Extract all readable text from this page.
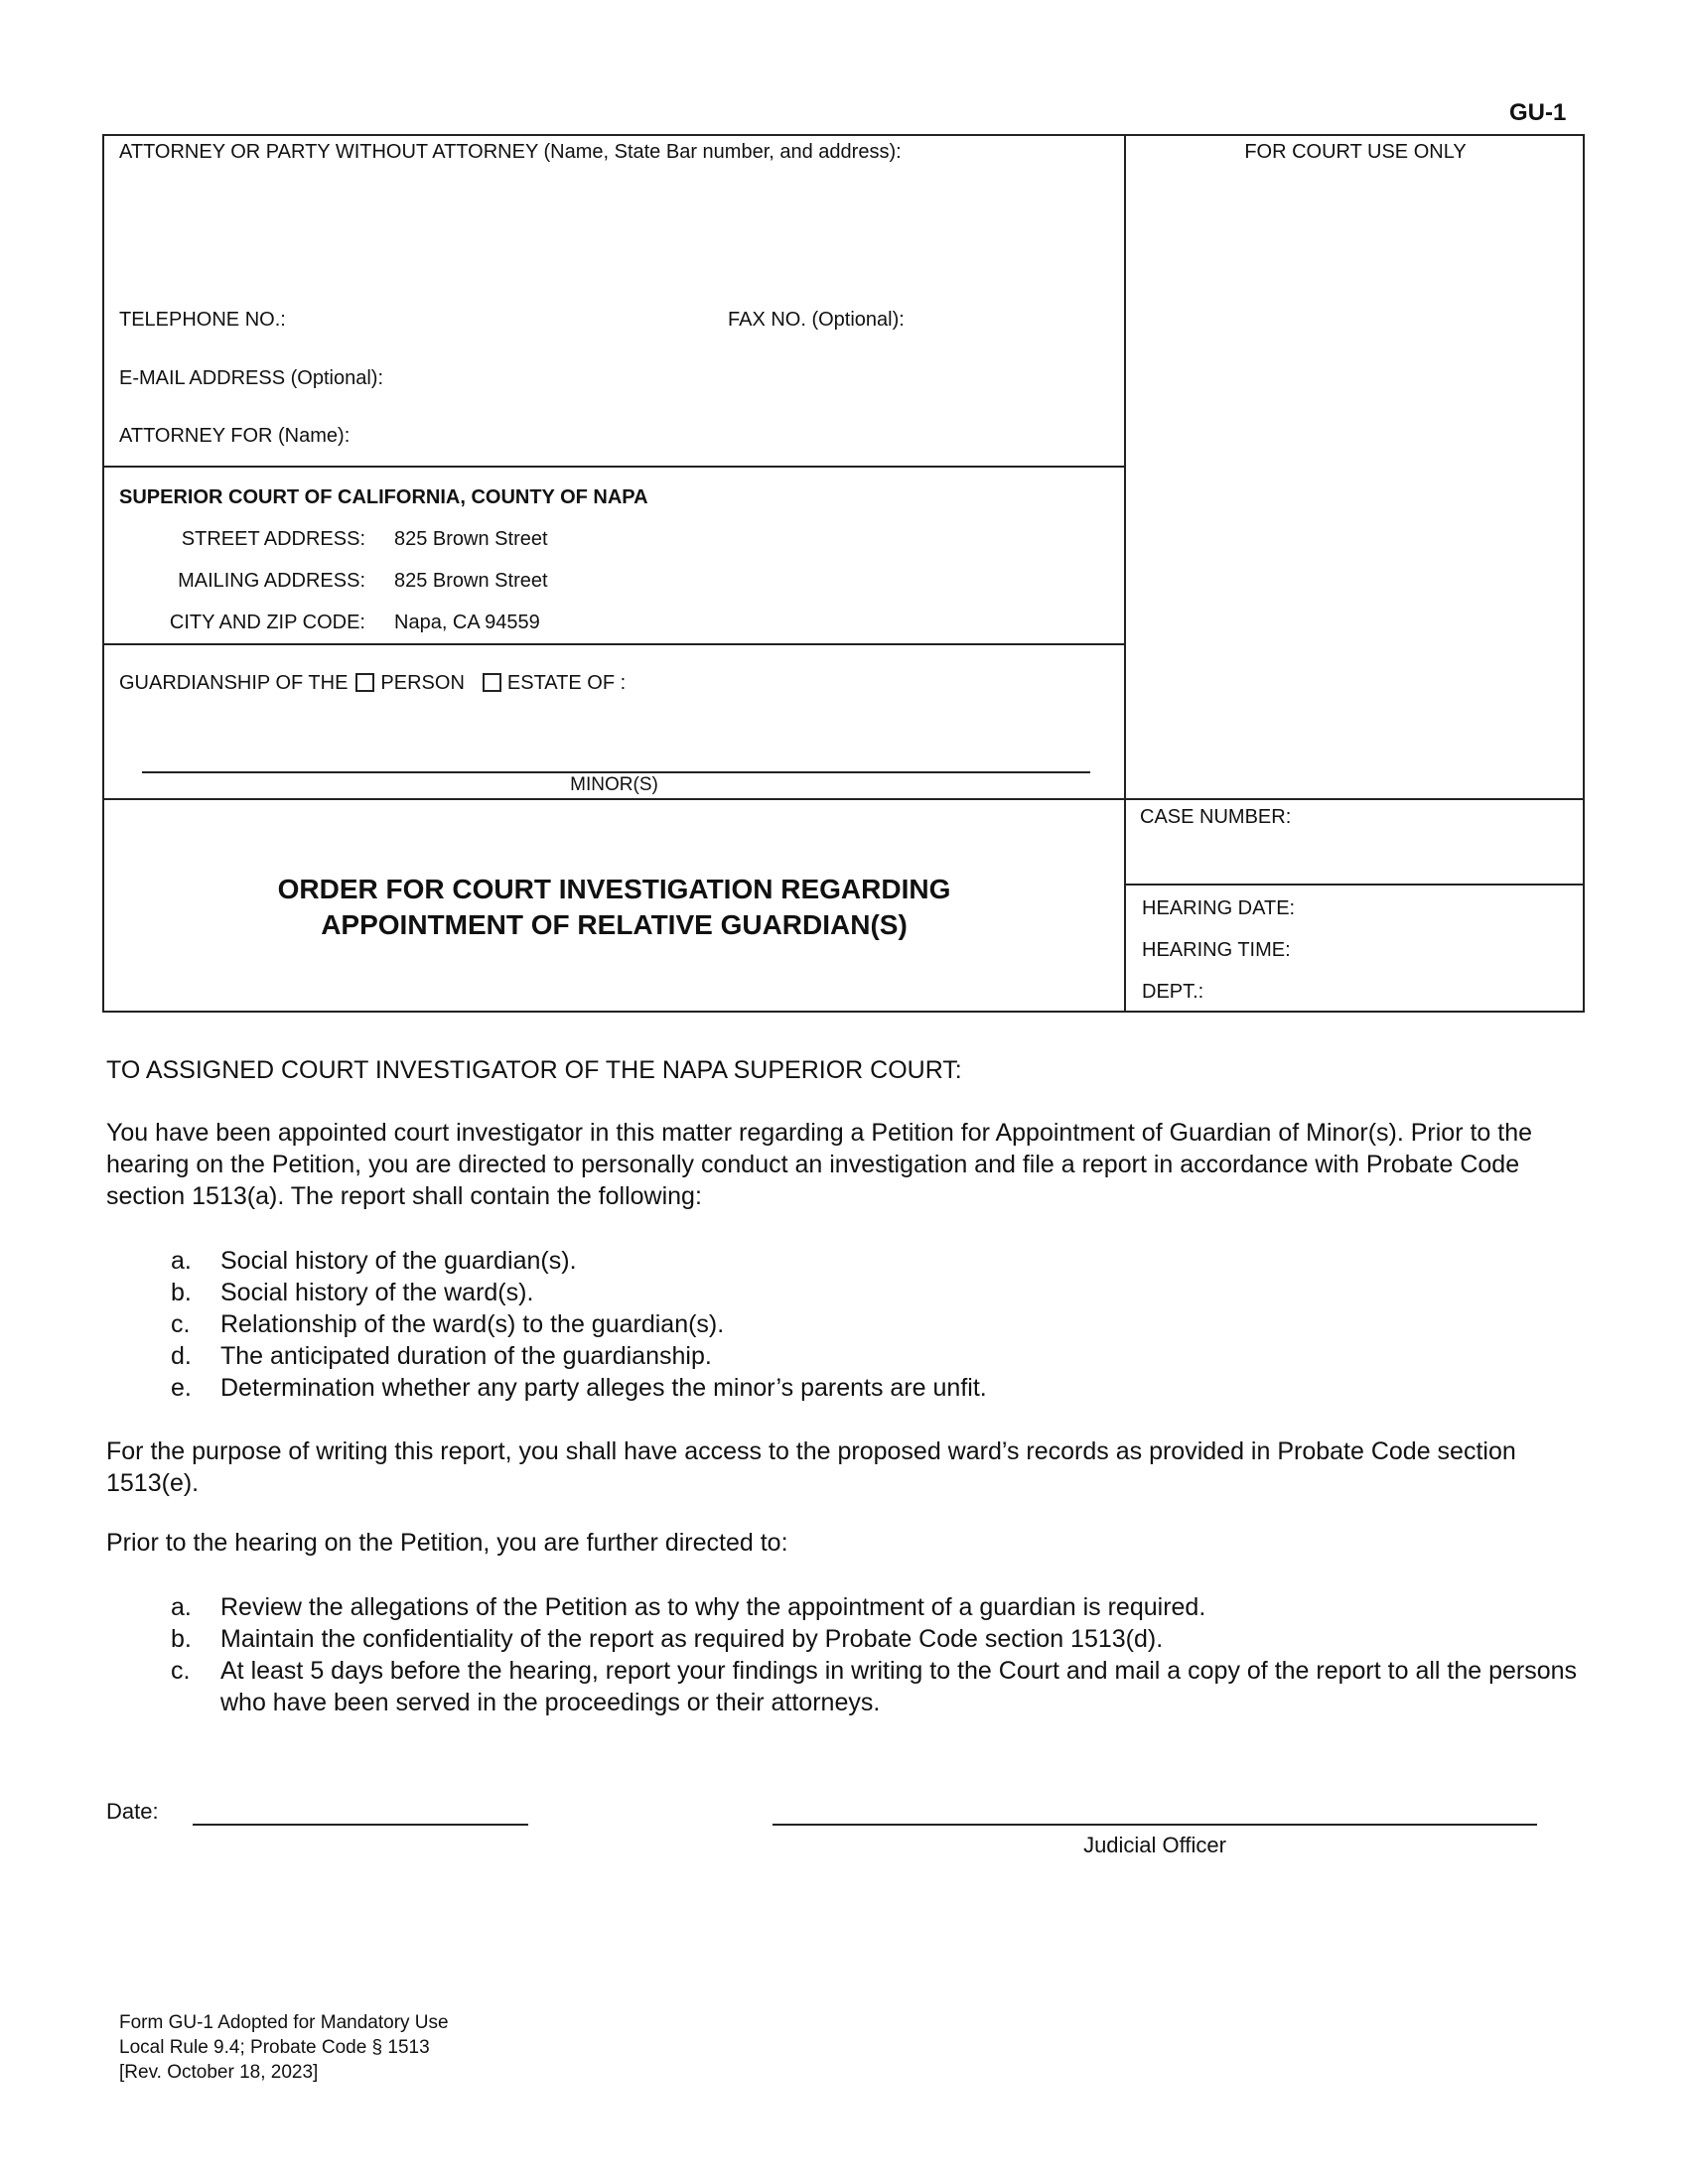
GU-1
ATTORNEY OR PARTY WITHOUT ATTORNEY (Name, State Bar number, and address):	FOR COURT USE ONLY
TELEPHONE NO.:	FAX NO. (Optional):
E-MAIL ADDRESS (Optional):
ATTORNEY FOR (Name):
SUPERIOR COURT OF CALIFORNIA, COUNTY OF NAPA
STREET ADDRESS: 825 Brown Street
MAILING ADDRESS: 825 Brown Street
CITY AND ZIP CODE: Napa, CA 94559
GUARDIANSHIP OF THE PERSON ESTATE OF :
MINOR(S)
CASE NUMBER:
HEARING DATE:
HEARING TIME:
DEPT.:
ORDER FOR COURT INVESTIGATION REGARDING
APPOINTMENT OF RELATIVE GUARDIAN(S)
TO ASSIGNED COURT INVESTIGATOR OF THE NAPA SUPERIOR COURT:
You have been appointed court investigator in this matter regarding a Petition for Appointment of Guardian of Minor(s). Prior to the hearing on the Petition, you are directed to personally conduct an investigation and file a report in accordance with Probate Code section 1513(a). The report shall contain the following:
a. Social history of the guardian(s).
b. Social history of the ward(s).
c. Relationship of the ward(s) to the guardian(s).
d. The anticipated duration of the guardianship.
e. Determination whether any party alleges the minor’s parents are unfit.
For the purpose of writing this report, you shall have access to the proposed ward’s records as provided in Probate Code section 1513(e).
Prior to the hearing on the Petition, you are further directed to:
a. Review the allegations of the Petition as to why the appointment of a guardian is required.
b. Maintain the confidentiality of the report as required by Probate Code section 1513(d).
c. At least 5 days before the hearing, report your findings in writing to the Court and mail a copy of the report to all the persons who have been served in the proceedings or their attorneys.
Date:
Judicial Officer
Form GU-1 Adopted for Mandatory Use
Local Rule 9.4; Probate Code § 1513
[Rev. October 18, 2023]
